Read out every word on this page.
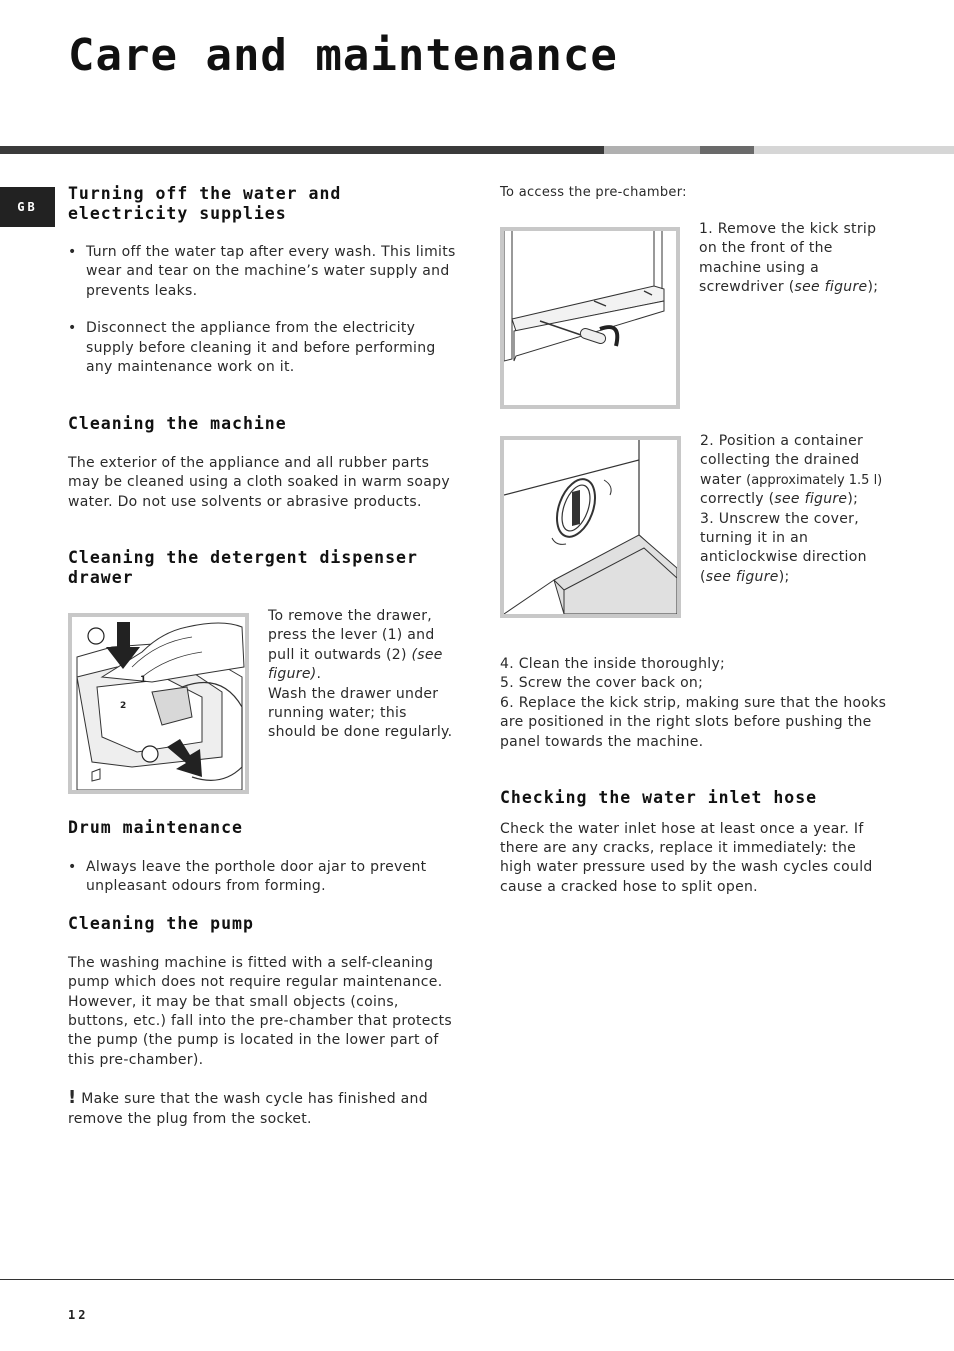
Care and maintenance
GB
Turning off the water and electricity supplies
• Turn off the water tap after every wash. This limits wear and tear on the machine’s water supply and prevents leaks.
• Disconnect the appliance from the electricity supply before cleaning it and before performing any maintenance work on it.
Cleaning the machine

The exterior of the appliance and all rubber parts may be cleaned using a cloth soaked in warm soapy water. Do not use solvents or abrasive products.

Cleaning the detergent dispenser drawer
1
2

To remove the drawer, press the lever (1) and pull it outwards (2) (see figure).

Wash the drawer under running water; this should be done regularly.

Drum maintenance
• Always leave the porthole door ajar to prevent unpleasant odours from forming.
Cleaning the pump

The washing machine is fitted with a self-cleaning pump which does not require regular maintenance. However, it may be that small objects (coins, buttons, etc.) fall into the pre-chamber that protects the pump (the pump is located in the lower part of this pre-chamber).

! Make sure that the wash cycle has finished and remove the plug from the socket.

To access the pre-chamber:

1. Remove the kick strip on the front of the machine using a screwdriver (see figure);

2. Position a container collecting the drained water (approximately 1.5 l) correctly (see figure);

3. Unscrew the cover, turning it in an anticlockwise direction (see figure);

4. Clean the inside thoroughly;

5. Screw the cover back on;

6. Replace the kick strip, making sure that the hooks are positioned in the right slots before pushing the panel towards the machine.

Checking the water inlet hose

Check the water inlet hose at least once a year. If there are any cracks, replace it immediately: the high water pressure used by the wash cycles could cause a cracked hose to split open.

12
